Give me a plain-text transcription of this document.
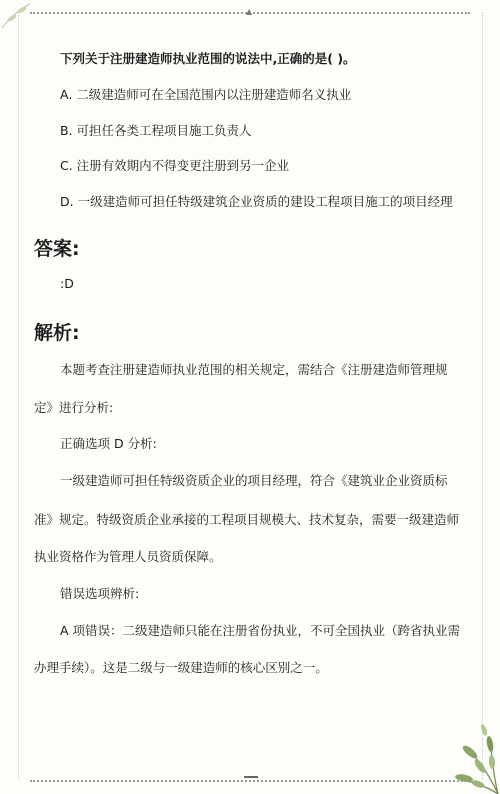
▲
下列关于注册建造师执业范围的说法中,正确的是( )。
A. 二级建造师可在全国范围内以注册建造师名义执业
B. 可担任各类工程项目施工负责人
C. 注册有效期内不得变更注册到另一企业
D. 一级建造师可担任特级建筑企业资质的建设工程项目施工的项目经理
答案:
:D
解析:
本题考查注册建造师执业范围的相关规定，需结合《注册建造师管理规
定》进行分析:
正确选项 D 分析:
一级建造师可担任特级资质企业的项目经理，符合《建筑业企业资质标
准》规定。特级资质企业承接的工程项目规模大、技术复杂，需要一级建造师
执业资格作为管理人员资质保障。
错误选项辨析:
A 项错误：二级建造师只能在注册省份执业，不可全国执业（跨省执业需
办理手续）。这是二级与一级建造师的核心区别之一。
